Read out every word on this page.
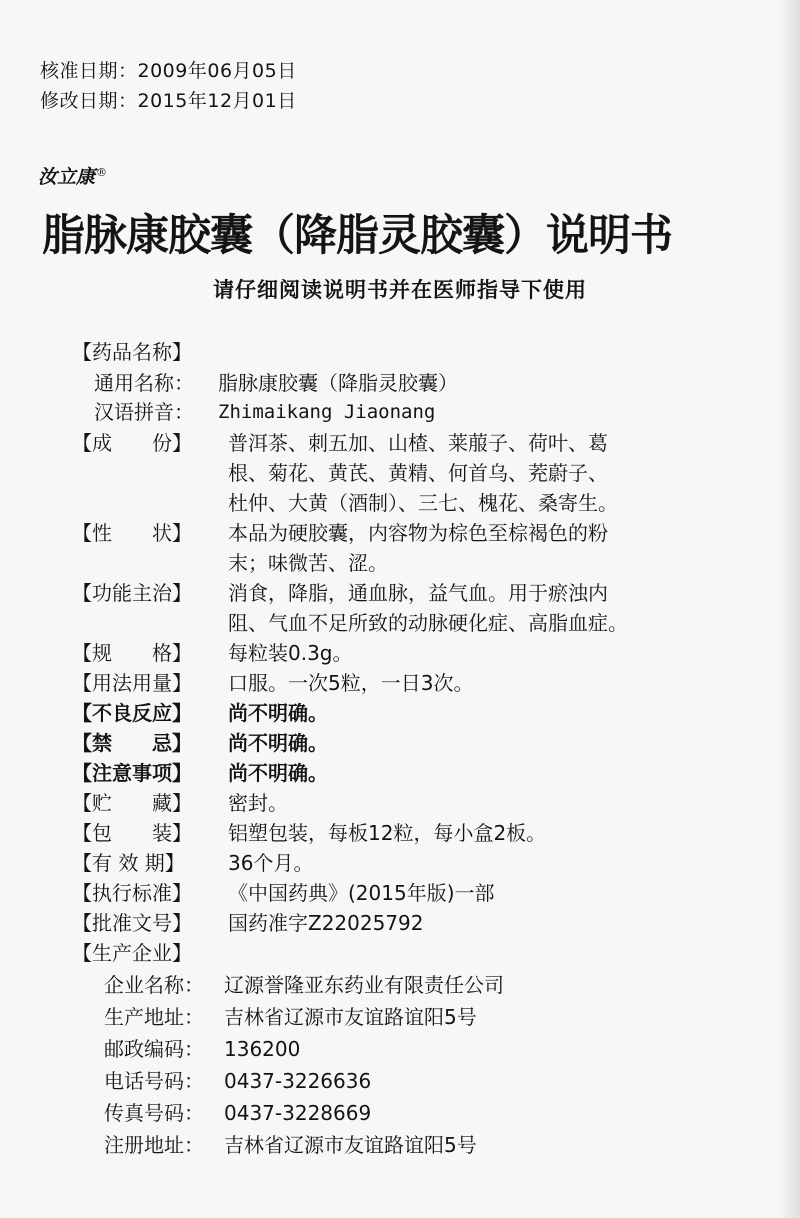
核准日期：2009年06月05日
修改日期：2015年12月01日
汝立康®
脂脉康胶囊（降脂灵胶囊）说明书
请仔细阅读说明书并在医师指导下使用
【药品名称】
通用名称： 脂脉康胶囊（降脂灵胶囊）
汉语拼音： Zhimaikang Jiaonang
【成　　份】 普洱茶、刺五加、山楂、莱菔子、荷叶、葛
根、菊花、黄芪、黄精、何首乌、茺蔚子、
杜仲、大黄（酒制）、三七、槐花、桑寄生。
【性　　状】 本品为硬胶囊，内容物为棕色至棕褐色的粉
末；味微苦、涩。
【功能主治】 消食，降脂，通血脉，益气血。用于瘀浊内
阻、气血不足所致的动脉硬化症、高脂血症。
【规　　格】 每粒装0.3g。
【用法用量】 口服。一次5粒，一日3次。
【不良反应】 尚不明确。
【禁　　忌】 尚不明确。
【注意事项】 尚不明确。
【贮　　藏】 密封。
【包　　装】 铝塑包装，每板12粒，每小盒2板。
【有 效 期】 36个月。
【执行标准】 《中国药典》(2015年版)一部
【批准文号】 国药准字Z22025792
【生产企业】
企业名称： 辽源誉隆亚东药业有限责任公司
生产地址： 吉林省辽源市友谊路谊阳5号
邮政编码： 136200
电话号码： 0437-3226636
传真号码： 0437-3228669
注册地址： 吉林省辽源市友谊路谊阳5号
